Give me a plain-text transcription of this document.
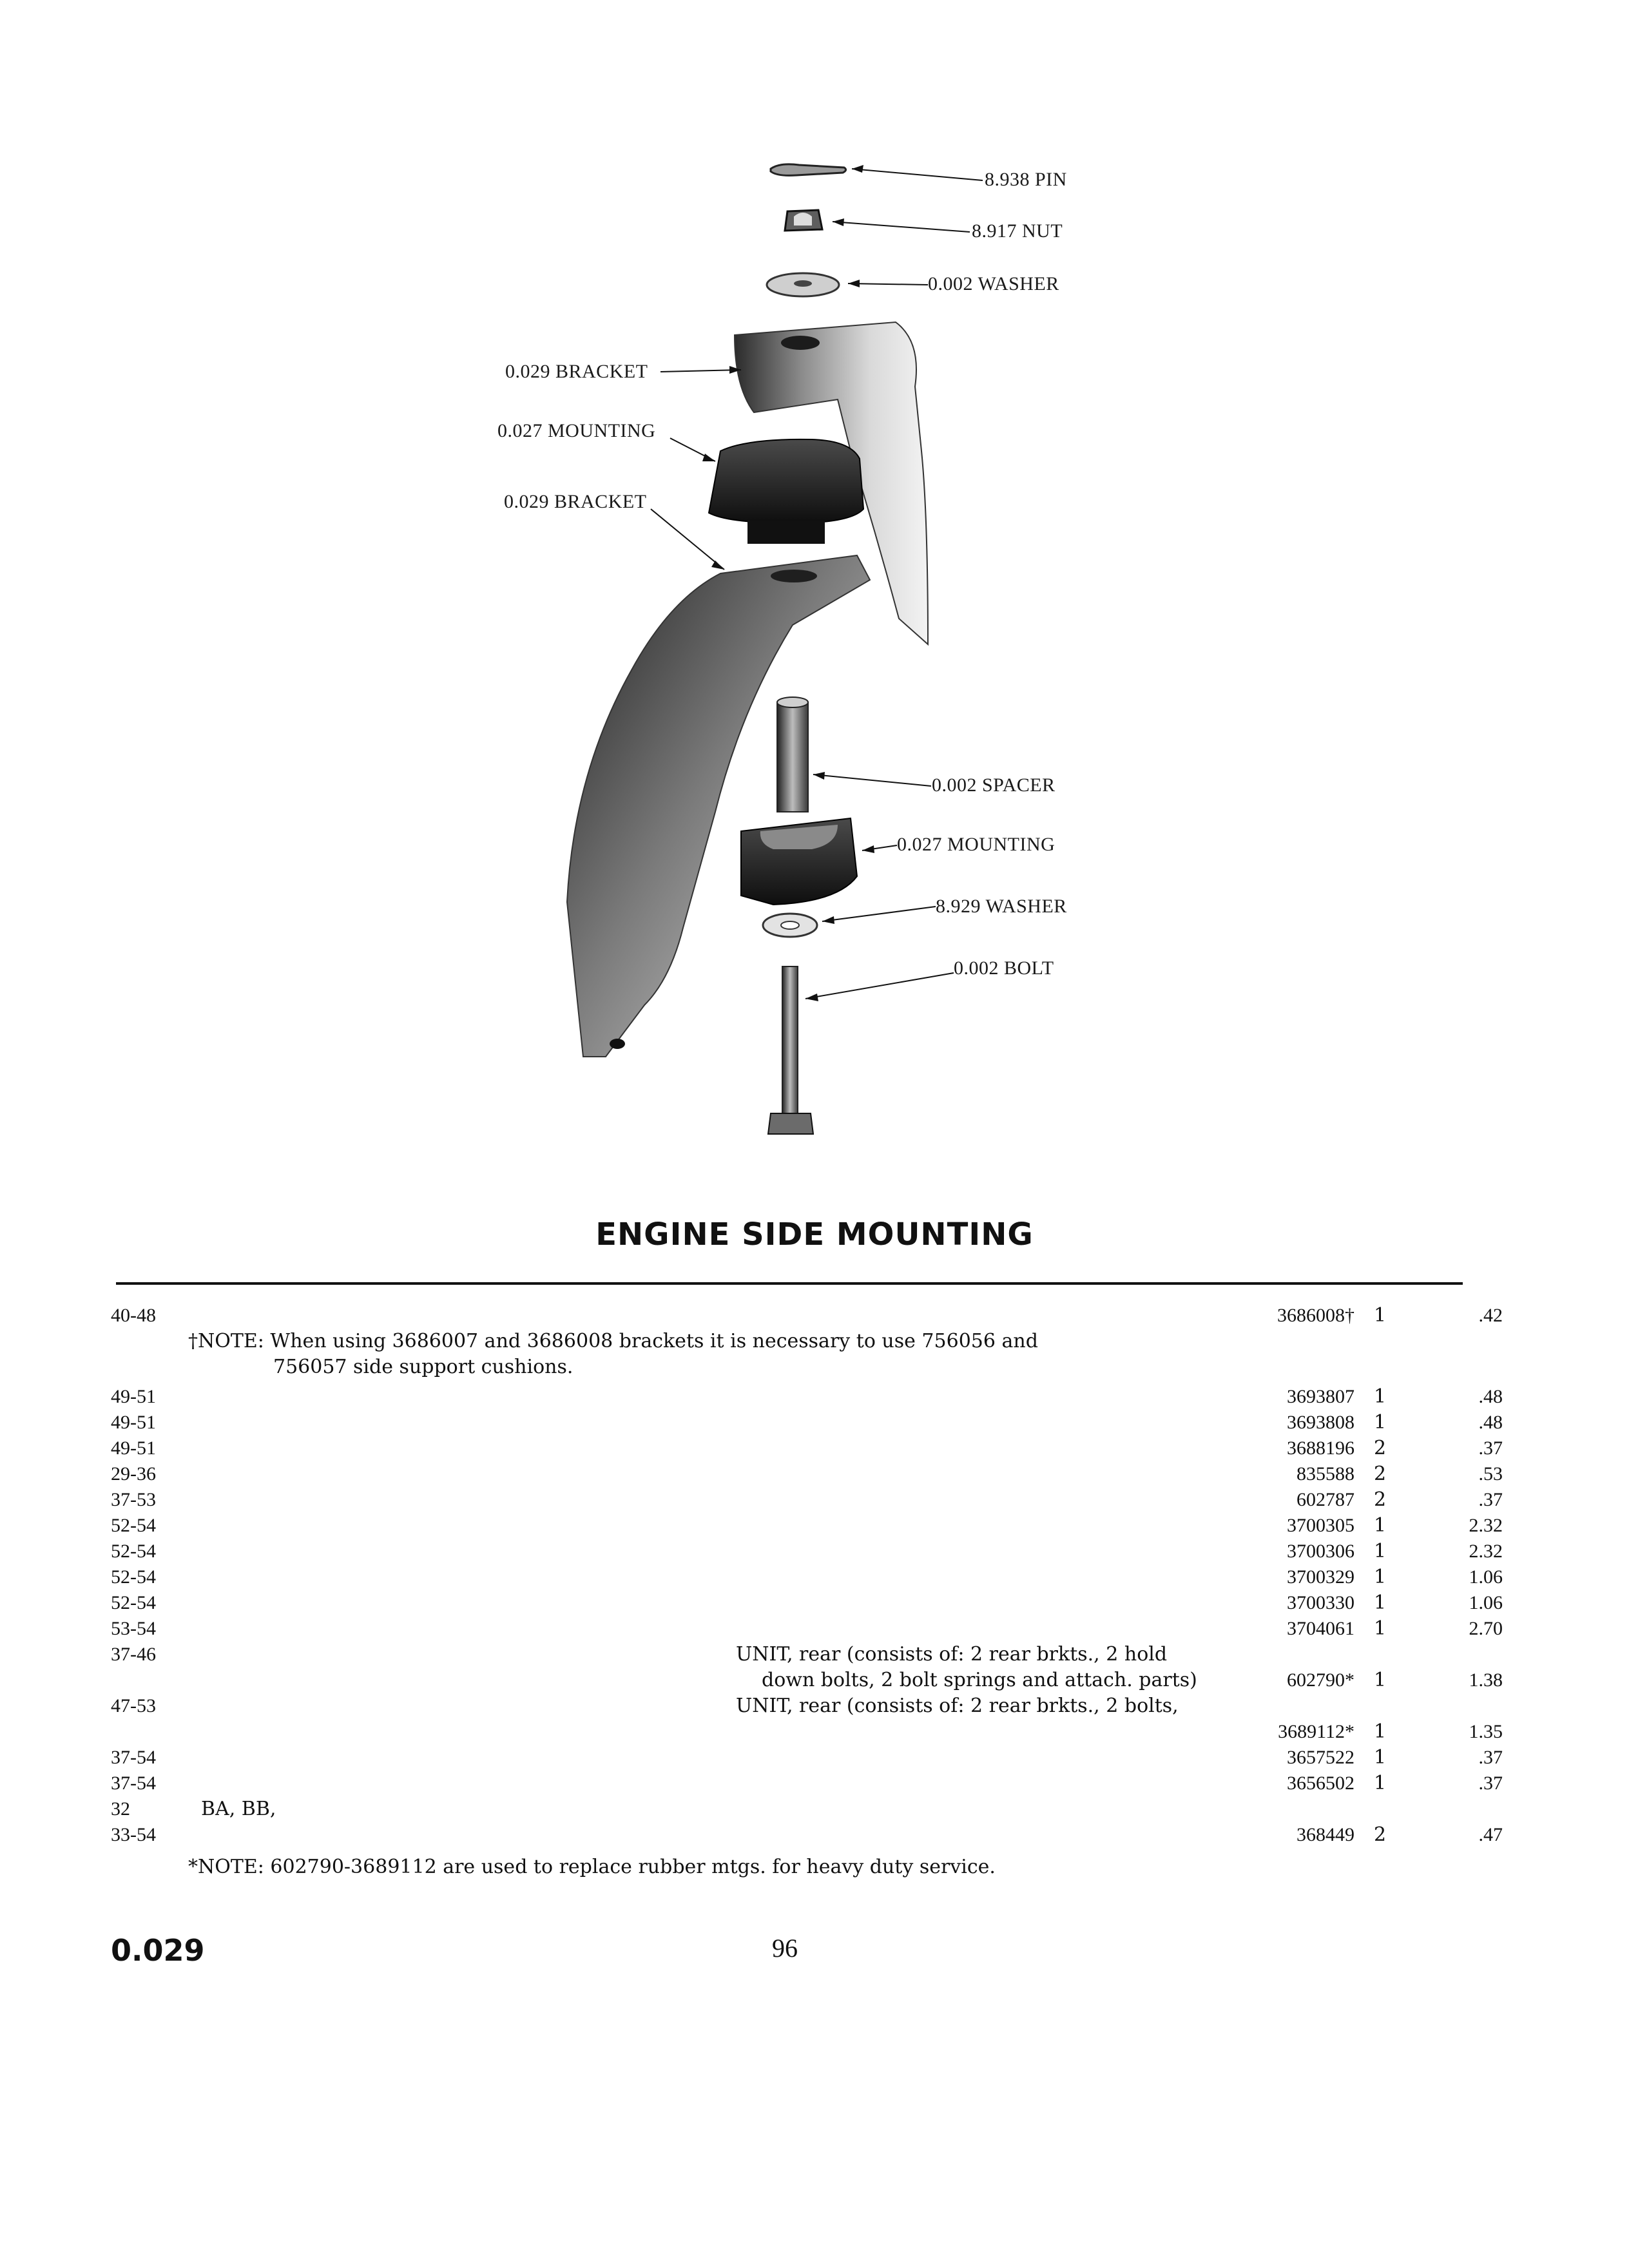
8.938 PIN
8.917 NUT
0.002 WASHER
0.029 BRACKET
0.027 MOUNTING
0.029 BRACKET
0.002 SPACER
0.027 MOUNTING
8.929 WASHER
0.002 BOLT
ENGINE SIDE MOUNTING
40-48	3686008† 1	.42
†NOTE: When using 3686007 and 3686008 brackets it is necessary to use 756056 and
756057 side support cushions.
49-51	3693807 1	.48
49-51	3693808 1	.48
49-51	3688196 2	.37
29-36	835588 2	.53
37-53	602787 2	.37
52-54	3700305 1	2.32
52-54	3700306 1	2.32
52-54	3700329 1	1.06
52-54	3700330 1	1.06
53-54	3704061 1	2.70
37-46	UNIT, rear (consists of: 2 rear brkts., 2 hold
down bolts, 2 bolt springs and attach. parts)	602790* 1	1.38
47-53	UNIT, rear (consists of: 2 rear brkts., 2 bolts,
3689112* 1	1.35
37-54	3657522 1	.37
37-54	3656502 1	.37
32	BA, BB,
33-54	368449 2	.47
*NOTE: 602790-3689112 are used to replace rubber mtgs. for heavy duty service.
0.029	96
